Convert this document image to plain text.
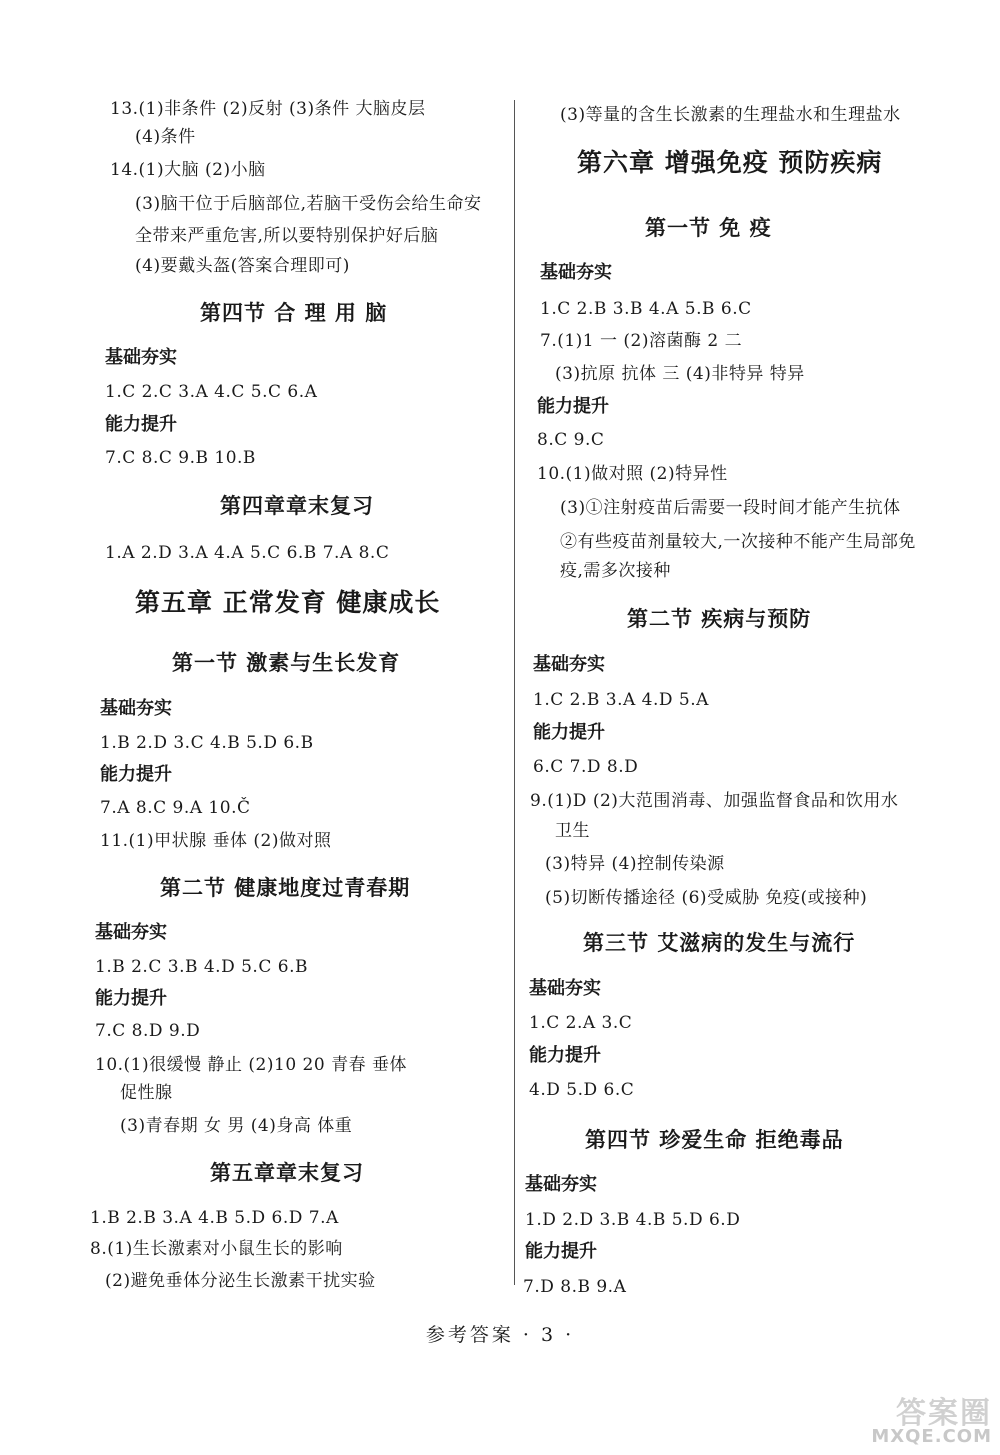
13.(1)非条件 (2)反射 (3)条件 大脑皮层
(4)条件
14.(1)大脑 (2)小脑
(3)脑干位于后脑部位,若脑干受伤会给生命安
全带来严重危害,所以要特别保护好后脑
(4)要戴头盔(答案合理即可)
第四节 合 理 用 脑
基础夯实
1.C 2.C 3.A 4.C 5.C 6.A
能力提升
7.C 8.C 9.B 10.B
第四章章末复习
1.A 2.D 3.A 4.A 5.C 6.B 7.A 8.C
第五章 正常发育 健康成长
第一节 激素与生长发育
基础夯实
1.B 2.D 3.C 4.B 5.D 6.B
能力提升
7.A 8.C 9.A 10.Č
11.(1)甲状腺 垂体 (2)做对照
第二节 健康地度过青春期
基础夯实
1.B 2.C 3.B 4.D 5.C 6.B
能力提升
7.C 8.D 9.D
10.(1)很缓慢 静止 (2)10 20 青春 垂体
促性腺
(3)青春期 女 男 (4)身高 体重
第五章章末复习
1.B 2.B 3.A 4.B 5.D 6.D 7.A
8.(1)生长激素对小鼠生长的影响
(2)避免垂体分泌生长激素干扰实验
(3)等量的含生长激素的生理盐水和生理盐水
第六章 增强免疫 预防疾病
第一节 免 疫
基础夯实
1.C 2.B 3.B 4.A 5.B 6.C
7.(1)1 一 (2)溶菌酶 2 二
(3)抗原 抗体 三 (4)非特异 特异
能力提升
8.C 9.C
10.(1)做对照 (2)特异性
(3)①注射疫苗后需要一段时间才能产生抗体
②有些疫苗剂量较大,一次接种不能产生局部免
疫,需多次接种
第二节 疾病与预防
基础夯实
1.C 2.B 3.A 4.D 5.A
能力提升
6.C 7.D 8.D
9.(1)D (2)大范围消毒、加强监督食品和饮用水
卫生
(3)特异 (4)控制传染源
(5)切断传播途径 (6)受威胁 免疫(或接种)
第三节 艾滋病的发生与流行
基础夯实
1.C 2.A 3.C
能力提升
4.D 5.D 6.C
第四节 珍爱生命 拒绝毒品
基础夯实
1.D 2.D 3.B 4.B 5.D 6.D
能力提升
7.D 8.B 9.A
参考答案 · 3 ·
答案圈
MXQE.COM
